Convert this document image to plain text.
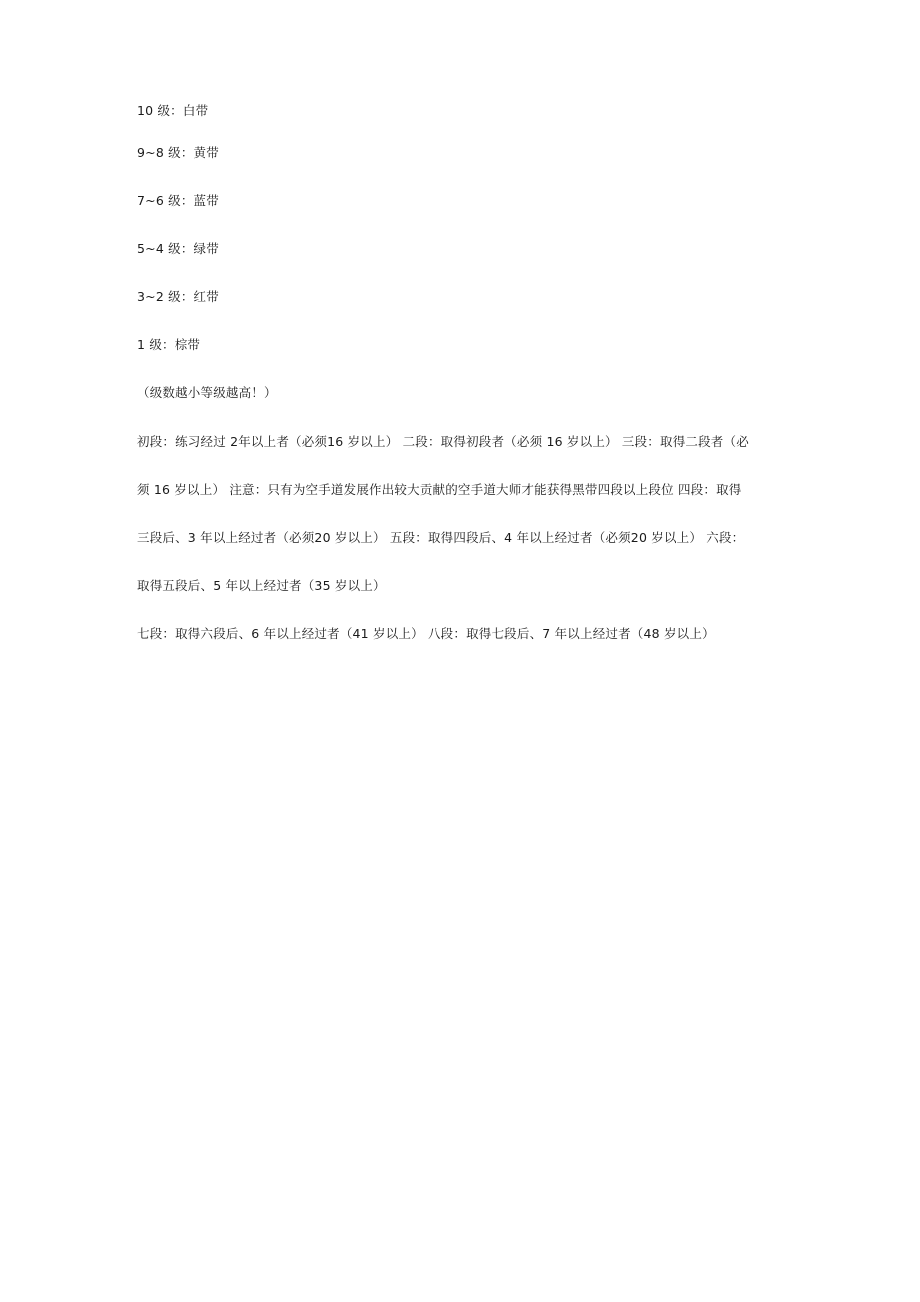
10 级：白带
9~8 级：黄带
7~6 级：蓝带
5~4 级：绿带
3~2 级：红带
1 级：棕带
（级数越小等级越高！）
初段：练习经过 2年以上者（必须16 岁以上） 二段：取得初段者（必须 16 岁以上） 三段：取得二段者（必
须 16 岁以上） 注意：只有为空手道发展作出较大贡献的空手道大师才能获得黑带四段以上段位 四段：取得
三段后、3 年以上经过者（必须20 岁以上） 五段：取得四段后、4 年以上经过者（必须20 岁以上） 六段：
取得五段后、5 年以上经过者（35 岁以上）
七段：取得六段后、6 年以上经过者（41 岁以上） 八段：取得七段后、7 年以上经过者（48 岁以上）
